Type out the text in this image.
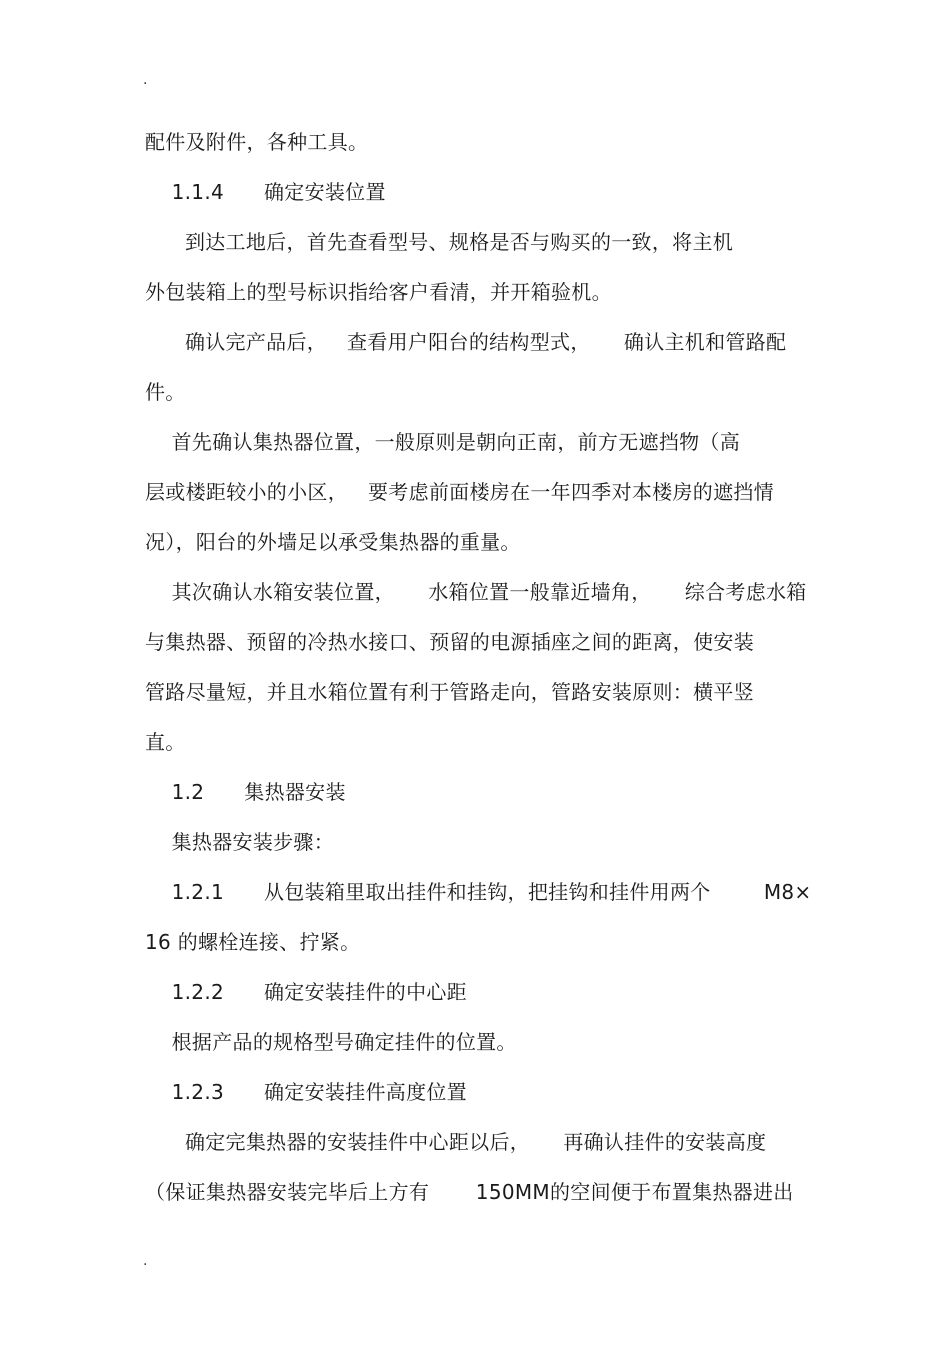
.
配件及附件，各种工具。
1.1.4      确定安装位置
到达工地后，首先查看型号、规格是否与购买的一致，将主机
外包装箱上的型号标识指给客户看清，并开箱验机。
确认完产品后，   查看用户阳台的结构型式，     确认主机和管路配
件。
首先确认集热器位置，一般原则是朝向正南，前方无遮挡物（高
层或楼距较小的小区，   要考虑前面楼房在一年四季对本楼房的遮挡情
况），阳台的外墙足以承受集热器的重量。
其次确认水箱安装位置，     水箱位置一般靠近墙角，     综合考虑水箱
与集热器、预留的冷热水接口、预留的电源插座之间的距离，使安装
管路尽量短，并且水箱位置有利于管路走向，管路安装原则：横平竖
直。
1.2      集热器安装
集热器安装步骤：
1.2.1      从包装箱里取出挂件和挂钩，把挂钩和挂件用两个        M8×
16 的螺栓连接、拧紧。
1.2.2      确定安装挂件的中心距
根据产品的规格型号确定挂件的位置。
1.2.3      确定安装挂件高度位置
确定完集热器的安装挂件中心距以后，     再确认挂件的安装高度
（保证集热器安装完毕后上方有       150MM的空间便于布置集热器进出
.
